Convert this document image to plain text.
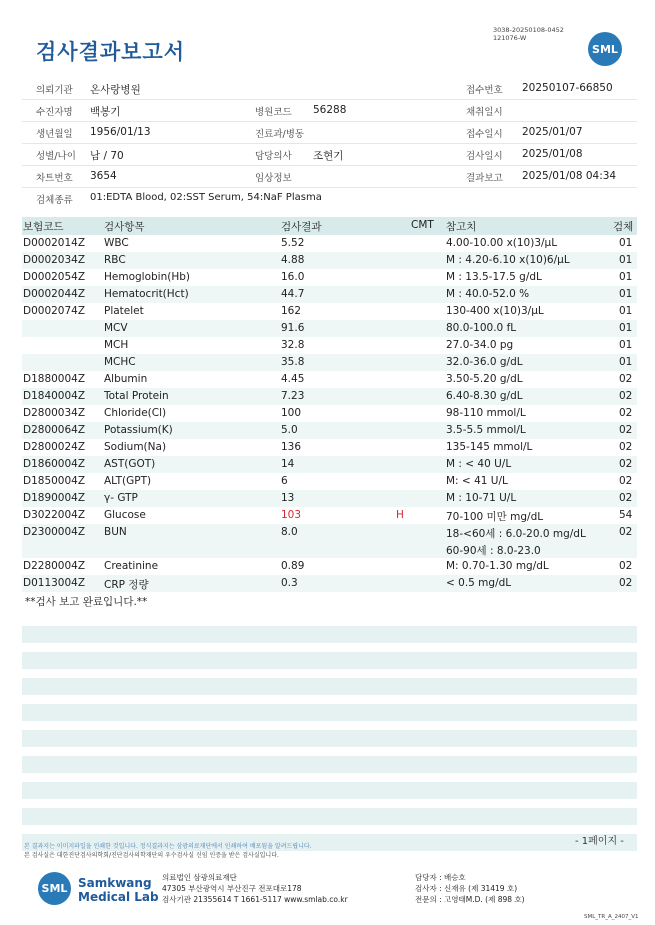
검사결과보고서
3038-20250108-0452
121076-W
SML
의뢰기관 온사랑병원	접수번호 20250107-66850
수진자명 백봉기	병원코드 56288	채취일시
생년월일 1956/01/13	진료과/병동	접수일시 2025/01/07
성별/나이 남 / 70	담당의사 조현기	검사일시 2025/01/08
차트번호 3654	임상정보	결과보고 2025/01/08 04:34
검체종류 01:EDTA Blood, 02:SST Serum, 54:NaF Plasma
보험코드	검사항목	검사결과	CMT 참고치	검체
D0002014Z WBC	5.52	4.00-10.00 x(10)3/μL	01
D0002034Z RBC	4.88	M : 4.20-6.10 x(10)6/μL	01
D0002054Z Hemoglobin(Hb)	16.0	M : 13.5-17.5 g/dL	01
D0002044Z Hematocrit(Hct)	44.7	M : 40.0-52.0 %	01
D0002074Z Platelet	162	130-400 x(10)3/μL	01
MCV	91.6	80.0-100.0 fL	01
MCH	32.8	27.0-34.0 pg	01
MCHC	35.8	32.0-36.0 g/dL	01
D1880004Z Albumin	4.45	3.50-5.20 g/dL	02
D1840004Z Total Protein	7.23	6.40-8.30 g/dL	02
D2800034Z Chloride(Cl)	100	98-110 mmol/L	02
D2800064Z Potassium(K)	5.0	3.5-5.5 mmol/L	02
D2800024Z Sodium(Na)	136	135-145 mmol/L	02
D1860004Z AST(GOT)	14	M : < 40 U/L	02
D1850004Z ALT(GPT)	6	M: < 41 U/L	02
D1890004Z γ- GTP	13	M : 10-71 U/L	02
D3022004Z Glucose	103	H	70-100 미만 mg/dL	54
D2300004Z BUN	8.0	18-<60세 : 6.0-20.0 mg/dL	02
60-90세 : 8.0-23.0
D2280004Z Creatinine	0.89	M: 0.70-1.30 mg/dL	02
D0113004Z CRP 정량	0.3	< 0.5 mg/dL	02
**검사 보고 완료입니다.**
본 결과지는 이미지파일을 인쇄한 것입니다. 정식결과지는 삼광의료재단에서 인쇄하여 배포됨을 알려드립니다.
본 검사실은 대한진단검사의학회/진단검사의학재단의 우수검사실 신임 인증을 받은 검사실입니다.
- 1페이지 -
SML Samkwang
Medical Lab
의료법인 삼광의료재단
47305 부산광역시 부산진구 전포대로178
검사기관 21355614 T 1661-5117 www.smlab.co.kr
담당자 : 배승호
검사자 : 신재유 (제 31419 호)
전문의 : 고영태M.D. (제 898 호)
SML_TR_A_2407_V1
